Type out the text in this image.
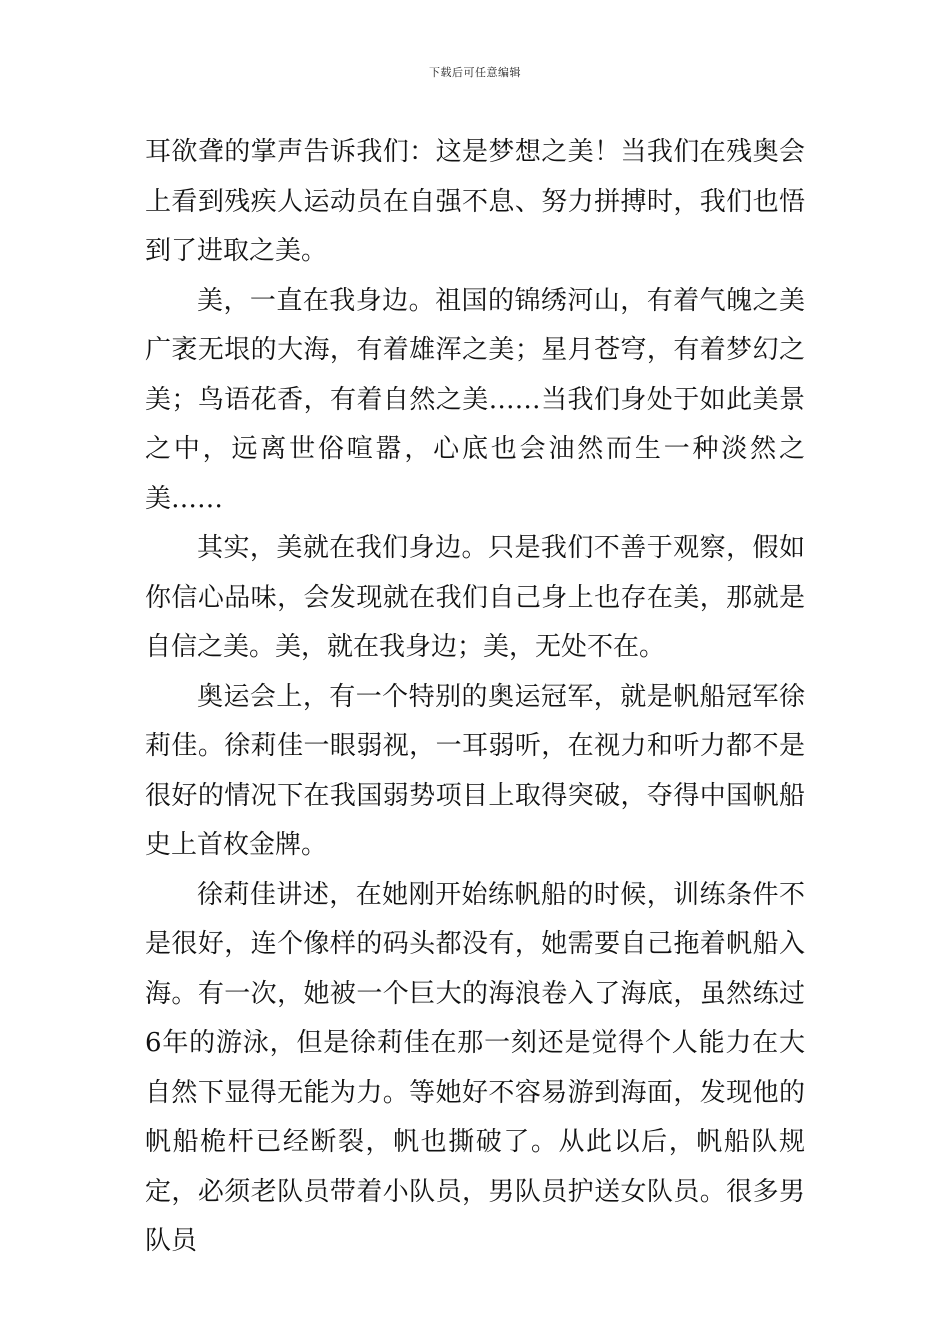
下载后可任意编辑

耳欲聋的掌声告诉我们：这是梦想之美！当我们在残奥会上看到残疾人运动员在自强不息、努力拼搏时，我们也悟到了进取之美。

美，一直在我身边。祖国的锦绣河山，有着气魄之美广袤无垠的大海，有着雄浑之美；星月苍穹，有着梦幻之美；鸟语花香，有着自然之美……当我们身处于如此美景之中，远离世俗喧嚣，心底也会油然而生一种淡然之美……

其实，美就在我们身边。只是我们不善于观察，假如你信心品味，会发现就在我们自己身上也存在美，那就是自信之美。美，就在我身边；美，无处不在。

奥运会上，有一个特别的奥运冠军，就是帆船冠军徐莉佳。徐莉佳一眼弱视，一耳弱听，在视力和听力都不是很好的情况下在我国弱势项目上取得突破，夺得中国帆船史上首枚金牌。

徐莉佳讲述，在她刚开始练帆船的时候，训练条件不是很好，连个像样的码头都没有，她需要自己拖着帆船入海。有一次，她被一个巨大的海浪卷入了海底，虽然练过6年的游泳，但是徐莉佳在那一刻还是觉得个人能力在大自然下显得无能为力。等她好不容易游到海面，发现他的帆船桅杆已经断裂，帆也撕破了。从此以后，帆船队规定，必须老队员带着小队员，男队员护送女队员。很多男队员
